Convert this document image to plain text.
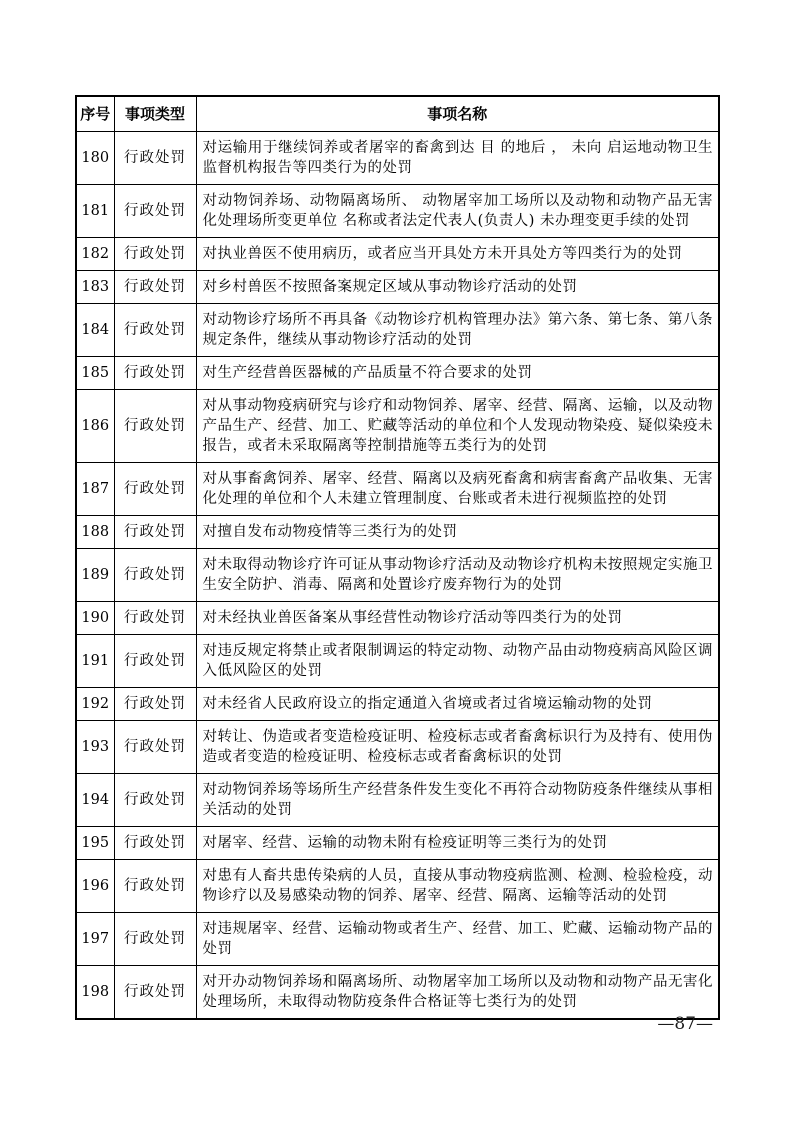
序号	事项类型	事项名称
180	行政处罚	对运输用于继续饲养或者屠宰的畜禽到达 目 的地后 ， 未向 启运地动物卫生监督机构报告等四类行为的处罚
181	行政处罚	对动物饲养场、动物隔离场所、 动物屠宰加工场所以及动物和动物产品无害化处理场所变更单位 名称或者法定代表人(负责人) 未办理变更手续的处罚
182	行政处罚	对执业兽医不使用病历，或者应当开具处方未开具处方等四类行为的处罚
183	行政处罚	对乡村兽医不按照备案规定区域从事动物诊疗活动的处罚
184	行政处罚	对动物诊疗场所不再具备《动物诊疗机构管理办法》第六条、第七条、第八条规定条件，继续从事动物诊疗活动的处罚
185	行政处罚	对生产经营兽医器械的产品质量不符合要求的处罚
186	行政处罚	对从事动物疫病研究与诊疗和动物饲养、屠宰、经营、隔离、运输，以及动物产品生产、经营、加工、贮藏等活动的单位和个人发现动物染疫、疑似染疫未报告，或者未采取隔离等控制措施等五类行为的处罚
187	行政处罚	对从事畜禽饲养、屠宰、经营、隔离以及病死畜禽和病害畜禽产品收集、无害化处理的单位和个人未建立管理制度、台账或者未进行视频监控的处罚
188	行政处罚	对擅自发布动物疫情等三类行为的处罚
189	行政处罚	对未取得动物诊疗许可证从事动物诊疗活动及动物诊疗机构未按照规定实施卫生安全防护、消毒、隔离和处置诊疗废弃物行为的处罚
190	行政处罚	对未经执业兽医备案从事经营性动物诊疗活动等四类行为的处罚
191	行政处罚	对违反规定将禁止或者限制调运的特定动物、动物产品由动物疫病高风险区调入低风险区的处罚
192	行政处罚	对未经省人民政府设立的指定通道入省境或者过省境运输动物的处罚
193	行政处罚	对转让、伪造或者变造检疫证明、检疫标志或者畜禽标识行为及持有、使用伪造或者变造的检疫证明、检疫标志或者畜禽标识的处罚
194	行政处罚	对动物饲养场等场所生产经营条件发生变化不再符合动物防疫条件继续从事相关活动的处罚
195	行政处罚	对屠宰、经营、运输的动物未附有检疫证明等三类行为的处罚
196	行政处罚	对患有人畜共患传染病的人员，直接从事动物疫病监测、检测、检验检疫，动物诊疗以及易感染动物的饲养、屠宰、经营、隔离、运输等活动的处罚
197	行政处罚	对违规屠宰、经营、运输动物或者生产、经营、加工、贮藏、运输动物产品的处罚
198	行政处罚	对开办动物饲养场和隔离场所、动物屠宰加工场所以及动物和动物产品无害化处理场所，未取得动物防疫条件合格证等七类行为的处罚
—87—
